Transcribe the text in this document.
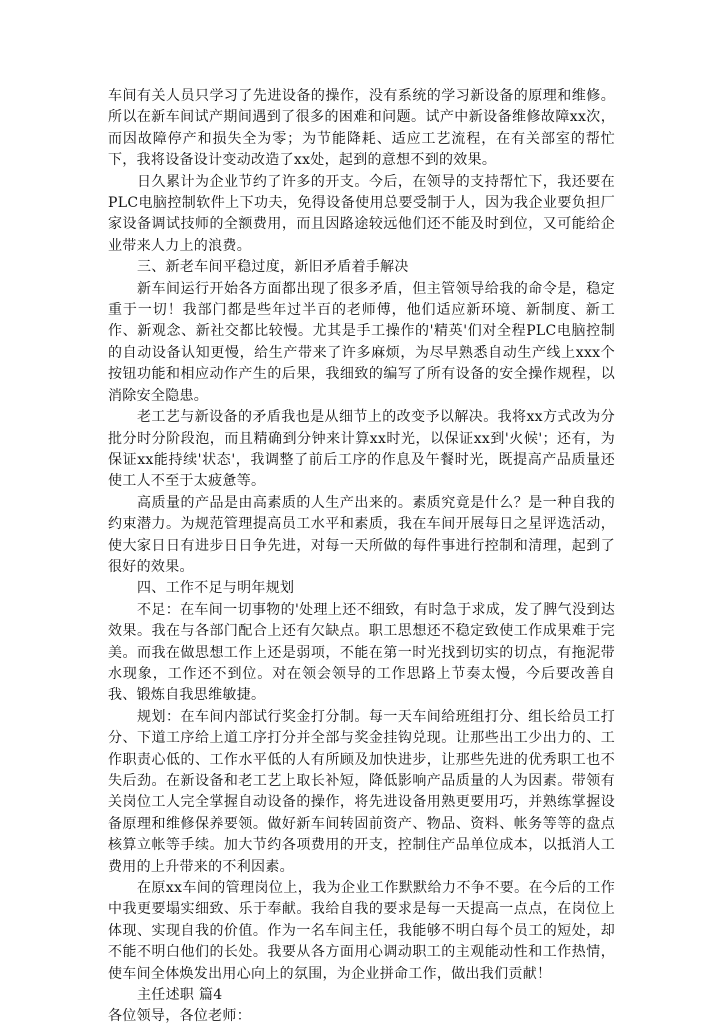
车间有关人员只学习了先进设备的操作，没有系统的学习新设备的原理和维修。所以在新车间试产期间遇到了很多的困难和问题。试产中新设备维修故障xx次，而因故障停产和损失全为零；为节能降耗、适应工艺流程，在有关部室的帮忙下，我将设备设计变动改造了xx处，起到的意想不到的效果。

日久累计为企业节约了许多的开支。今后，在领导的支持帮忙下，我还要在PLC电脑控制软件上下功夫，免得设备使用总要受制于人，因为我企业要负担厂家设备调试技师的全额费用，而且因路途较远他们还不能及时到位，又可能给企业带来人力上的浪费。

三、新老车间平稳过度，新旧矛盾着手解决

新车间运行开始各方面都出现了很多矛盾，但主管领导给我的命令是，稳定重于一切！我部门都是些年过半百的老师傅，他们适应新环境、新制度、新工作、新观念、新社交都比较慢。尤其是手工操作的'精英'们对全程PLC电脑控制的自动设备认知更慢，给生产带来了许多麻烦，为尽早熟悉自动生产线上xxx个按钮功能和相应动作产生的后果，我细致的编写了所有设备的安全操作规程，以消除安全隐患。

老工艺与新设备的矛盾我也是从细节上的改变予以解决。我将xx方式改为分批分时分阶段泡，而且精确到分钟来计算xx时光，以保证xx到'火候'；还有，为保证xx能持续'状态'，我调整了前后工序的作息及午餐时光，既提高产品质量还使工人不至于太疲惫等。

高质量的产品是由高素质的人生产出来的。素质究竟是什么？是一种自我的约束潜力。为规范管理提高员工水平和素质，我在车间开展每日之星评选活动，使大家日日有进步日日争先进，对每一天所做的每件事进行控制和清理，起到了很好的效果。

四、工作不足与明年规划

不足：在车间一切事物的'处理上还不细致，有时急于求成，发了脾气没到达效果。我在与各部门配合上还有欠缺点。职工思想还不稳定致使工作成果难于完美。而我在做思想工作上还是弱项，不能在第一时光找到切实的切点，有拖泥带水现象，工作还不到位。对在领会领导的工作思路上节奏太慢，今后要改善自我、锻炼自我思维敏捷。

规划：在车间内部试行奖金打分制。每一天车间给班组打分、组长给员工打分、下道工序给上道工序打分并全部与奖金挂钩兑现。让那些出工少出力的、工作职责心低的、工作水平低的人有所顾及加快进步，让那些先进的优秀职工也不失后劲。在新设备和老工艺上取长补短，降低影响产品质量的人为因素。带领有关岗位工人完全掌握自动设备的操作，将先进设备用熟更要用巧，并熟练掌握设备原理和维修保养要领。做好新车间转固前资产、物品、资料、帐务等等的盘点核算立帐等手续。加大节约各项费用的开支，控制住产品单位成本，以抵消人工费用的上升带来的不利因素。

在原xx车间的管理岗位上，我为企业工作默默给力不争不要。在今后的工作中我更要塌实细致、乐于奉献。我给自我的要求是每一天提高一点点，在岗位上体现、实现自我的价值。作为一名车间主任，我能够不明白每个员工的短处，却不能不明白他们的长处。我要从各方面用心调动职工的主观能动性和工作热情，使车间全体焕发出用心向上的氛围，为企业拼命工作，做出我们贡献！

主任述职 篇4

各位领导，各位老师：
